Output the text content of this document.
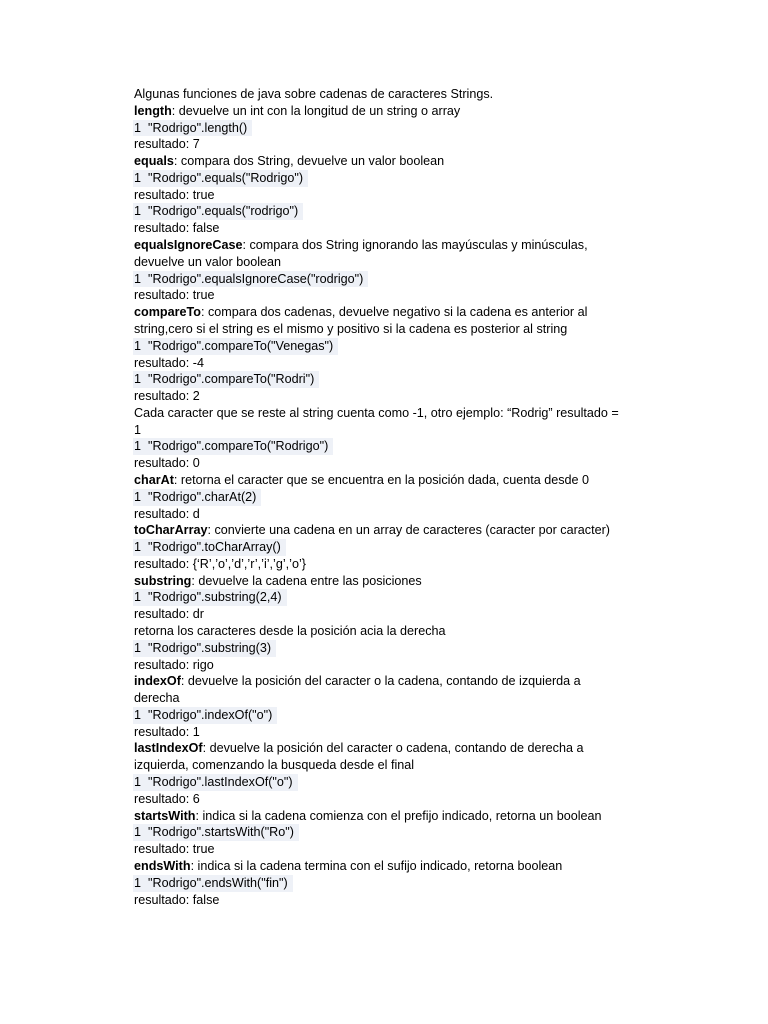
Algunas funciones de java sobre cadenas de caracteres Strings.
length: devuelve un int con la longitud de un string o array
1 "Rodrigo".length()
resultado: 7
equals: compara dos String, devuelve un valor boolean
1 "Rodrigo".equals("Rodrigo")
resultado: true
1 "Rodrigo".equals("rodrigo")
resultado: false
equalsIgnoreCase: compara dos String ignorando las mayúsculas y minúsculas,
devuelve un valor boolean
1 "Rodrigo".equalsIgnoreCase("rodrigo")
resultado: true
compareTo: compara dos cadenas, devuelve negativo si la cadena es anterior al
string,cero si el string es el mismo y positivo si la cadena es posterior al string
1 "Rodrigo".compareTo("Venegas")
resultado: -4
1 "Rodrigo".compareTo("Rodri")
resultado: 2
Cada caracter que se reste al string cuenta como -1, otro ejemplo: “Rodrig” resultado =
1
1 "Rodrigo".compareTo("Rodrigo")
resultado: 0
charAt: retorna el caracter que se encuentra en la posición dada, cuenta desde 0
1 "Rodrigo".charAt(2)
resultado: d
toCharArray: convierte una cadena en un array de caracteres (caracter por caracter)
1 "Rodrigo".toCharArray()
resultado: {‘R’,’o’,’d’,’r’,’i’,’g’,’o’}
substring: devuelve la cadena entre las posiciones
1 "Rodrigo".substring(2,4)
resultado: dr
retorna los caracteres desde la posición acia la derecha
1 "Rodrigo".substring(3)
resultado: rigo
indexOf: devuelve la posición del caracter o la cadena, contando de izquierda a
derecha
1 "Rodrigo".indexOf("o")
resultado: 1
lastIndexOf: devuelve la posición del caracter o cadena, contando de derecha a
izquierda, comenzando la busqueda desde el final
1 "Rodrigo".lastIndexOf("o")
resultado: 6
startsWith: indica si la cadena comienza con el prefijo indicado, retorna un boolean
1 "Rodrigo".startsWith("Ro")
resultado: true
endsWith: indica si la cadena termina con el sufijo indicado, retorna boolean
1 "Rodrigo".endsWith("fin")
resultado: false
